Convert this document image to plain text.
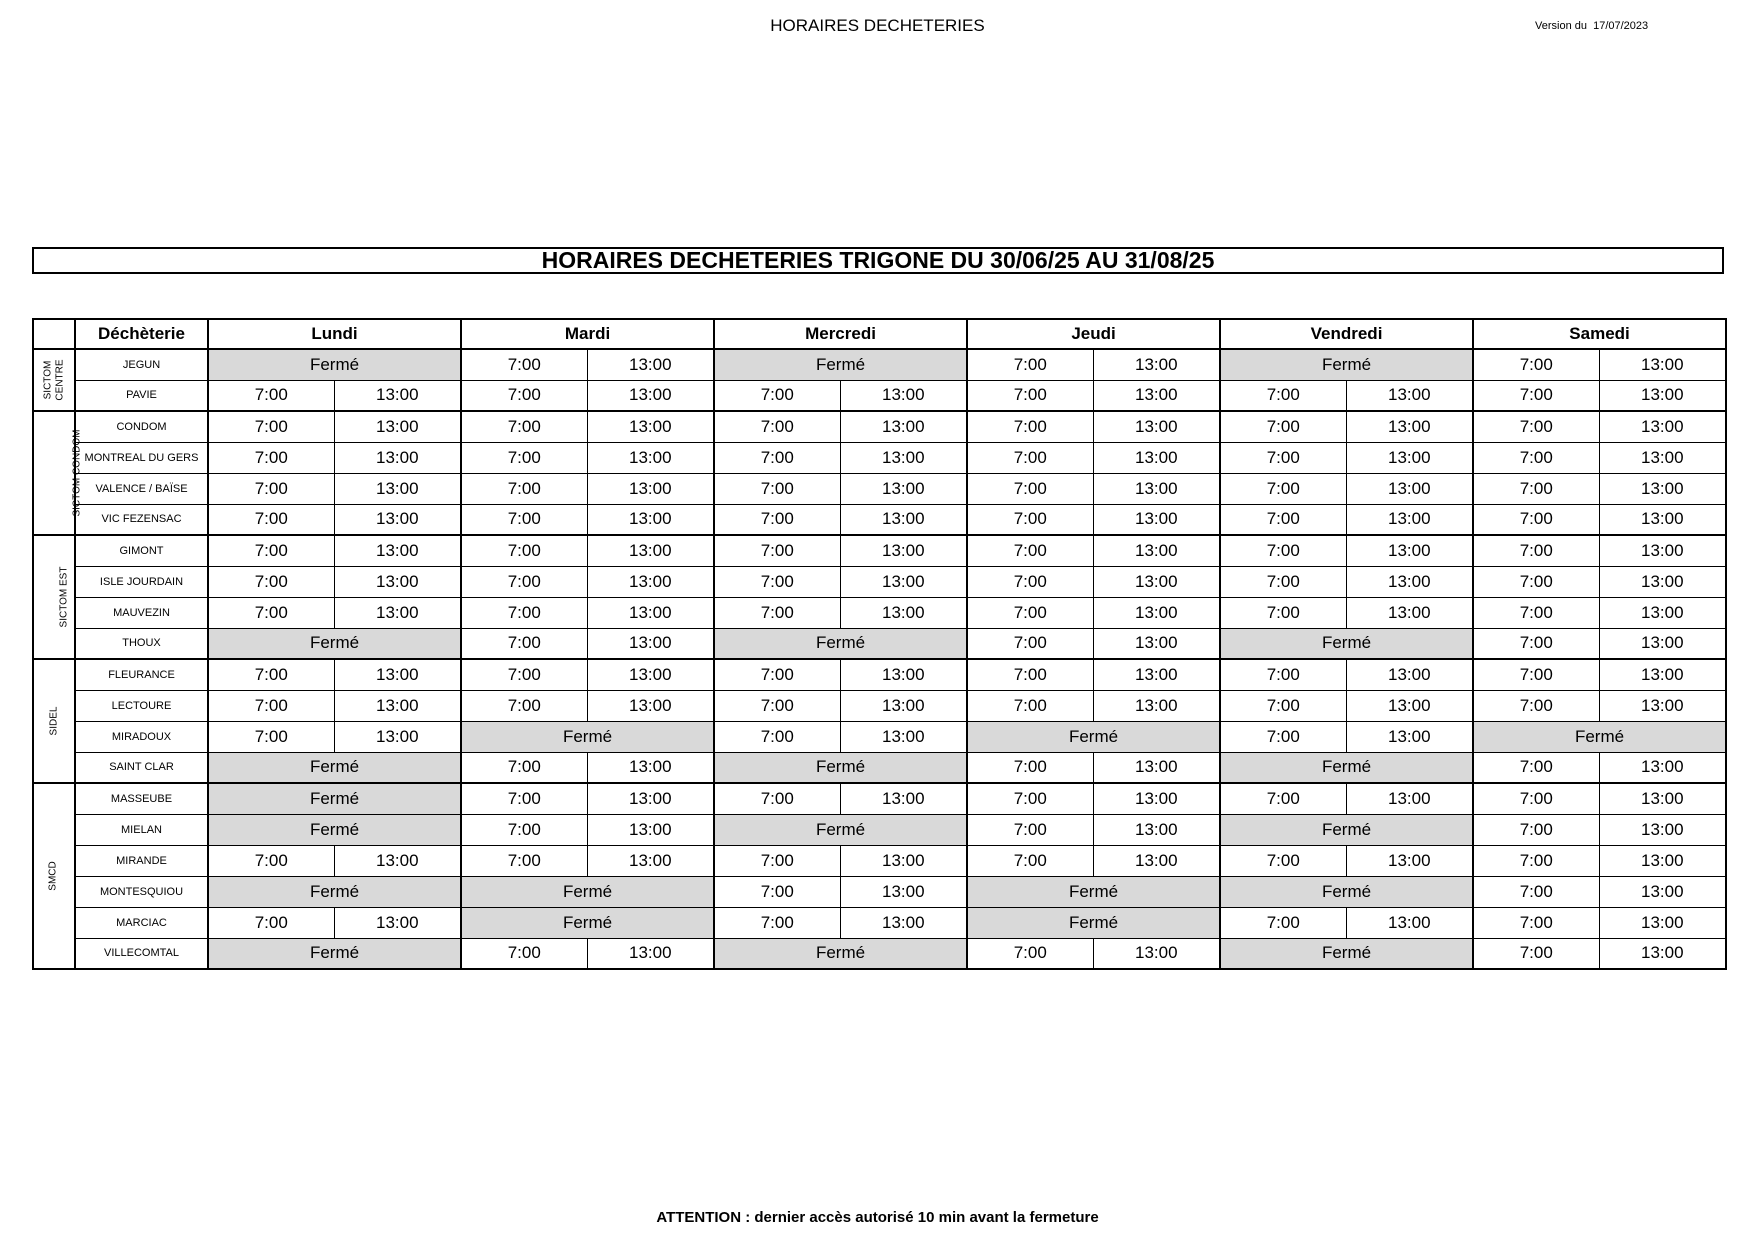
HORAIRES DECHETERIES	Version du  17/07/2023
HORAIRES DECHETERIES TRIGONE DU 30/06/25 AU 31/08/25
	Déchèterie	Lundi		Mardi		Mercredi		Jeudi		Vendredi		Samedi	
SICTOM
CENTRE	JEGUN	Fermé		7:00	13:00	Fermé		7:00	13:00	Fermé		7:00	13:00
	PAVIE	7:00	13:00	7:00	13:00	7:00	13:00	7:00	13:00	7:00	13:00	7:00	13:00
SICTOM CONDOM	CONDOM	7:00	13:00	7:00	13:00	7:00	13:00	7:00	13:00	7:00	13:00	7:00	13:00
	MONTREAL DU GERS	7:00	13:00	7:00	13:00	7:00	13:00	7:00	13:00	7:00	13:00	7:00	13:00
	VALENCE / BAÏSE	7:00	13:00	7:00	13:00	7:00	13:00	7:00	13:00	7:00	13:00	7:00	13:00
	VIC FEZENSAC	7:00	13:00	7:00	13:00	7:00	13:00	7:00	13:00	7:00	13:00	7:00	13:00
SICTOM EST	GIMONT	7:00	13:00	7:00	13:00	7:00	13:00	7:00	13:00	7:00	13:00	7:00	13:00
	ISLE JOURDAIN	7:00	13:00	7:00	13:00	7:00	13:00	7:00	13:00	7:00	13:00	7:00	13:00
	MAUVEZIN	7:00	13:00	7:00	13:00	7:00	13:00	7:00	13:00	7:00	13:00	7:00	13:00
	THOUX	Fermé		7:00	13:00	Fermé		7:00	13:00	Fermé		7:00	13:00
SIDEL	FLEURANCE	7:00	13:00	7:00	13:00	7:00	13:00	7:00	13:00	7:00	13:00	7:00	13:00
	LECTOURE	7:00	13:00	7:00	13:00	7:00	13:00	7:00	13:00	7:00	13:00	7:00	13:00
	MIRADOUX	7:00	13:00	Fermé		7:00	13:00	Fermé		7:00	13:00	Fermé	
	SAINT CLAR	Fermé		7:00	13:00	Fermé		7:00	13:00	Fermé		7:00	13:00
SMCD	MASSEUBE	Fermé		7:00	13:00	7:00	13:00	7:00	13:00	7:00	13:00	7:00	13:00
	MIELAN	Fermé		7:00	13:00	Fermé		7:00	13:00	Fermé		7:00	13:00
	MIRANDE	7:00	13:00	7:00	13:00	7:00	13:00	7:00	13:00	7:00	13:00	7:00	13:00
	MONTESQUIOU	Fermé		Fermé		7:00	13:00	Fermé		Fermé		7:00	13:00
	MARCIAC	7:00	13:00	Fermé		7:00	13:00	Fermé		7:00	13:00	7:00	13:00
	VILLECOMTAL	Fermé		7:00	13:00	Fermé		7:00	13:00	Fermé		7:00	13:00
ATTENTION : dernier accès autorisé 10 min avant la fermeture
